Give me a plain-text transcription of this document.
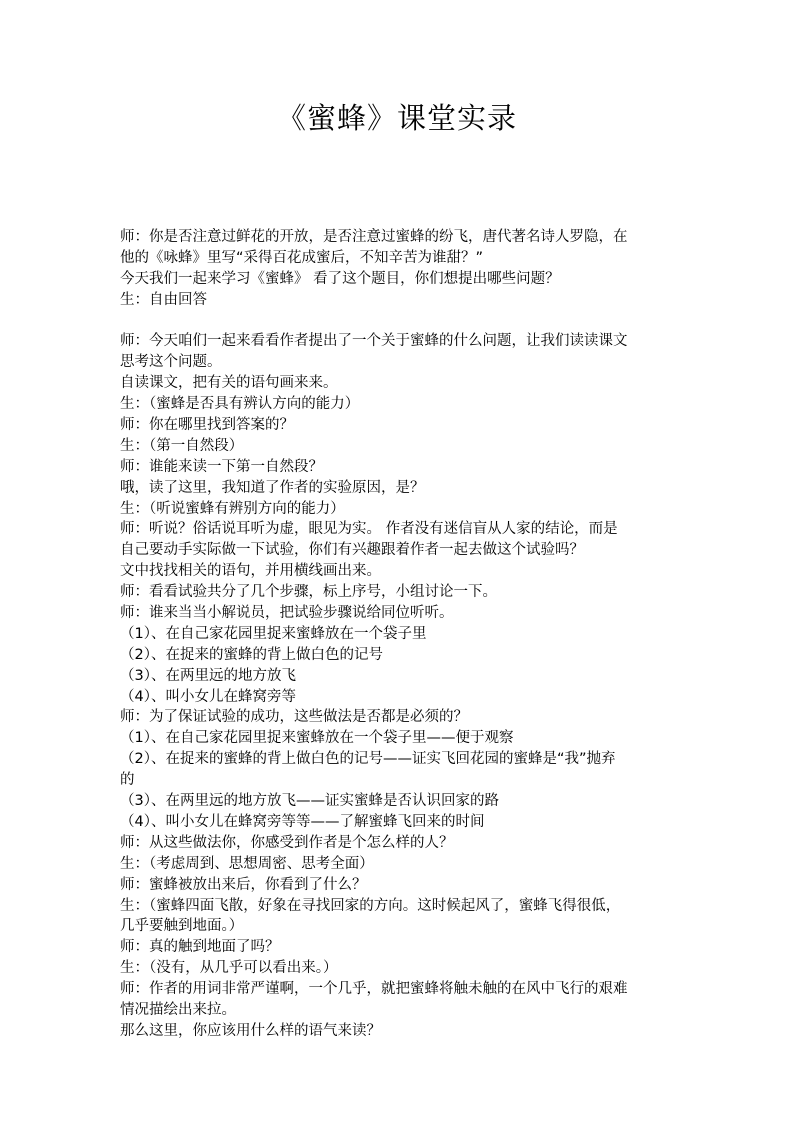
《蜜蜂》课堂实录

师：你是否注意过鲜花的开放，是否注意过蜜蜂的纷飞，唐代著名诗人罗隐，在

他的《咏蜂》里写“采得百花成蜜后，不知辛苦为谁甜？”

今天我们一起来学习《蜜蜂》 看了这个题目，你们想提出哪些问题？

生：自由回答

师：今天咱们一起来看看作者提出了一个关于蜜蜂的什么问题，让我们读读课文

思考这个问题。

自读课文，把有关的语句画来来。

生：（蜜蜂是否具有辨认方向的能力）

师：你在哪里找到答案的？

生：（第一自然段）

师：谁能来读一下第一自然段？

哦，读了这里，我知道了作者的实验原因，是？

生：（听说蜜蜂有辨别方向的能力）

师：听说？俗话说耳听为虚，眼见为实。 作者没有迷信盲从人家的结论，而是

自己要动手实际做一下试验，你们有兴趣跟着作者一起去做这个试验吗？

文中找找相关的语句，并用横线画出来。

师：看看试验共分了几个步骤，标上序号，小组讨论一下。

师：谁来当当小解说员，把试验步骤说给同位听听。

（1）、在自己家花园里捉来蜜蜂放在一个袋子里

（2）、在捉来的蜜蜂的背上做白色的记号

（3）、在两里远的地方放飞

（4）、叫小女儿在蜂窝旁等

师：为了保证试验的成功，这些做法是否都是必须的？

（1）、在自己家花园里捉来蜜蜂放在一个袋子里——便于观察

（2）、在捉来的蜜蜂的背上做白色的记号——证实飞回花园的蜜蜂是“我”抛弃

的

（3）、在两里远的地方放飞——证实蜜蜂是否认识回家的路

（4）、叫小女儿在蜂窝旁等等——了解蜜蜂飞回来的时间

师：从这些做法你，你感受到作者是个怎么样的人？

生：（考虑周到、思想周密、思考全面）

师：蜜蜂被放出来后，你看到了什么？

生：（蜜蜂四面飞散，好象在寻找回家的方向。这时候起风了，蜜蜂飞得很低，

几乎要触到地面。）

师：真的触到地面了吗？

生：（没有，从几乎可以看出来。）

师：作者的用词非常严谨啊，一个几乎，就把蜜蜂将触未触的在风中飞行的艰难

情况描绘出来拉。

那么这里，你应该用什么样的语气来读？
